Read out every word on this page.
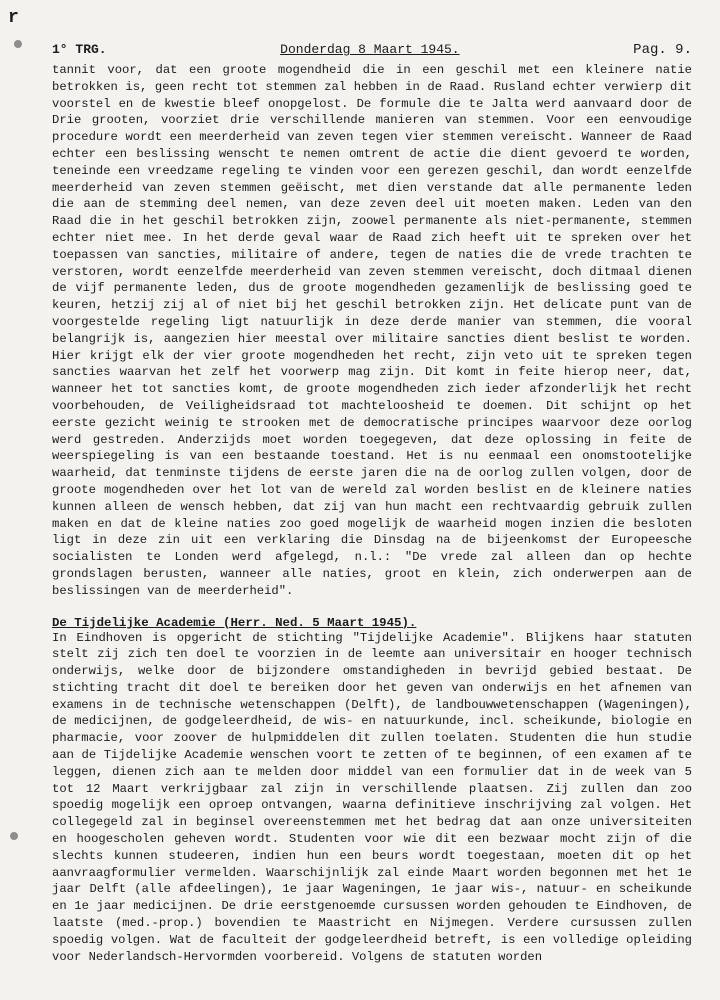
r
1° TRG.	Donderdag 8 Maart 1945.	Pag. 9.

tannit voor, dat een groote mogendheid die in een geschil met een kleinere natie betrokken is, geen recht tot stemmen zal hebben in de Raad. Rusland echter verwierp dit voorstel en de kwestie bleef onopgelost. De formule die te Jalta werd aanvaard door de Drie grooten, voorziet drie verschillende manieren van stemmen. Voor een eenvoudige procedure wordt een meerderheid van zeven tegen vier stemmen vereischt. Wanneer de Raad echter een beslissing wenscht te nemen omtrent de actie die dient gevoerd te worden, teneinde een vreedzame regeling te vinden voor een gerezen geschil, dan wordt eenzelfde meerderheid van zeven stemmen geëischt, met dien verstande dat alle permanente leden die aan de stemming deel nemen, van deze zeven deel uit moeten maken. Leden van den Raad die in het geschil betrokken zijn, zoowel permanente als niet-permanente, stemmen echter niet mee. In het derde geval waar de Raad zich heeft uit te spreken over het toepassen van sancties, militaire of andere, tegen de naties die de vrede trachten te verstoren, wordt eenzelfde meerderheid van zeven stemmen vereischt, doch ditmaal dienen de vijf permanente leden, dus de groote mogendheden gezamenlijk de beslissing goed te keuren, hetzij zij al of niet bij het geschil betrokken zijn. Het delicate punt van de voorgestelde regeling ligt natuurlijk in deze derde manier van stemmen, die vooral belangrijk is, aangezien hier meestal over militaire sancties dient beslist te worden. Hier krijgt elk der vier groote mogendheden het recht, zijn veto uit te spreken tegen sancties waarvan het zelf het voorwerp mag zijn. Dit komt in feite hierop neer, dat, wanneer het tot sancties komt, de groote mogendheden zich ieder afzonderlijk het recht voorbehouden, de Veiligheidsraad tot machteloosheid te doemen. Dit schijnt op het eerste gezicht weinig te strooken met de democratische principes waarvoor deze oorlog werd gestreden. Anderzijds moet worden toegegeven, dat deze oplossing in feite de weerspiegeling is van een bestaande toestand. Het is nu eenmaal een onomstootelijke waarheid, dat tenminste tijdens de eerste jaren die na de oorlog zullen volgen, door de groote mogendheden over het lot van de wereld zal worden beslist en de kleinere naties kunnen alleen de wensch hebben, dat zij van hun macht een rechtvaardig gebruik zullen maken en dat de kleine naties zoo goed mogelijk de waarheid mogen inzien die besloten ligt in deze zin uit een verklaring die Dinsdag na de bijeenkomst der Europeesche socialisten te Londen werd afgelegd, n.l.: "De vrede zal alleen dan op hechte grondslagen berusten, wanneer alle naties, groot en klein, zich onderwerpen aan de beslissingen van de meerderheid".

De Tijdelijke Academie (Herr. Ned. 5 Maart 1945).

In Eindhoven is opgericht de stichting "Tijdelijke Academie". Blijkens haar statuten stelt zij zich ten doel te voorzien in de leemte aan universitair en hooger technisch onderwijs, welke door de bijzondere omstandigheden in bevrijd gebied bestaat. De stichting tracht dit doel te bereiken door het geven van onderwijs en het afnemen van examens in de technische wetenschappen (Delft), de landbouwwetenschappen (Wageningen), de medicijnen, de godgeleerdheid, de wis- en natuurkunde, incl. scheikunde, biologie en pharmacie, voor zoover de hulpmiddelen dit zullen toelaten. Studenten die hun studie aan de Tijdelijke Academie wenschen voort te zetten of te beginnen, of een examen af te leggen, dienen zich aan te melden door middel van een formulier dat in de week van 5 tot 12 Maart verkrijgbaar zal zijn in verschillende plaatsen. Zij zullen dan zoo spoedig mogelijk een oproep ontvangen, waarna definitieve inschrijving zal volgen. Het collegegeld zal in beginsel overeenstemmen met het bedrag dat aan onze universiteiten en hoogescholen geheven wordt. Studenten voor wie dit een bezwaar mocht zijn of die slechts kunnen studeeren, indien hun een beurs wordt toegestaan, moeten dit op het aanvraagformulier vermelden. Waarschijnlijk zal einde Maart worden begonnen met het 1e jaar Delft (alle afdeelingen), 1e jaar Wageningen, 1e jaar wis-, natuur- en scheikunde en 1e jaar medicijnen. De drie eerstgenoemde cursussen worden gehouden te Eindhoven, de laatste (med.-prop.) bovendien te Maastricht en Nijmegen. Verdere cursussen zullen spoedig volgen. Wat de faculteit der godgeleerdheid betreft, is een volledige opleiding voor Nederlandsch-Hervormden voorbereid. Volgens de statuten worden
